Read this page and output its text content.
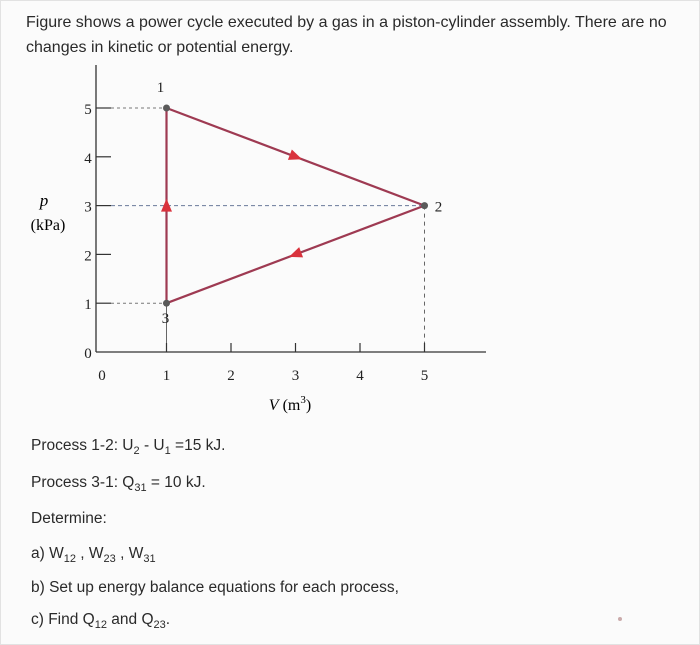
Figure shows a power cycle executed by a gas in a piston-cylinder assembly. There are no changes in kinetic or potential energy.
0
1
2
3
4
5
0	1	2	3	4	5
1
2
3
p
(kPa)
V $(m^3)$
Process 1-2: $U_2 - U_1 =15$ kJ.
Process 3-1: $Q_{31} = 10$ kJ.
Determine:
a) $W_{12}$ , $W_{23}$ , $W_{31}$
b) Set up energy balance equations for each process,
c) Find $Q_{12}$ and $Q_{23}$.
